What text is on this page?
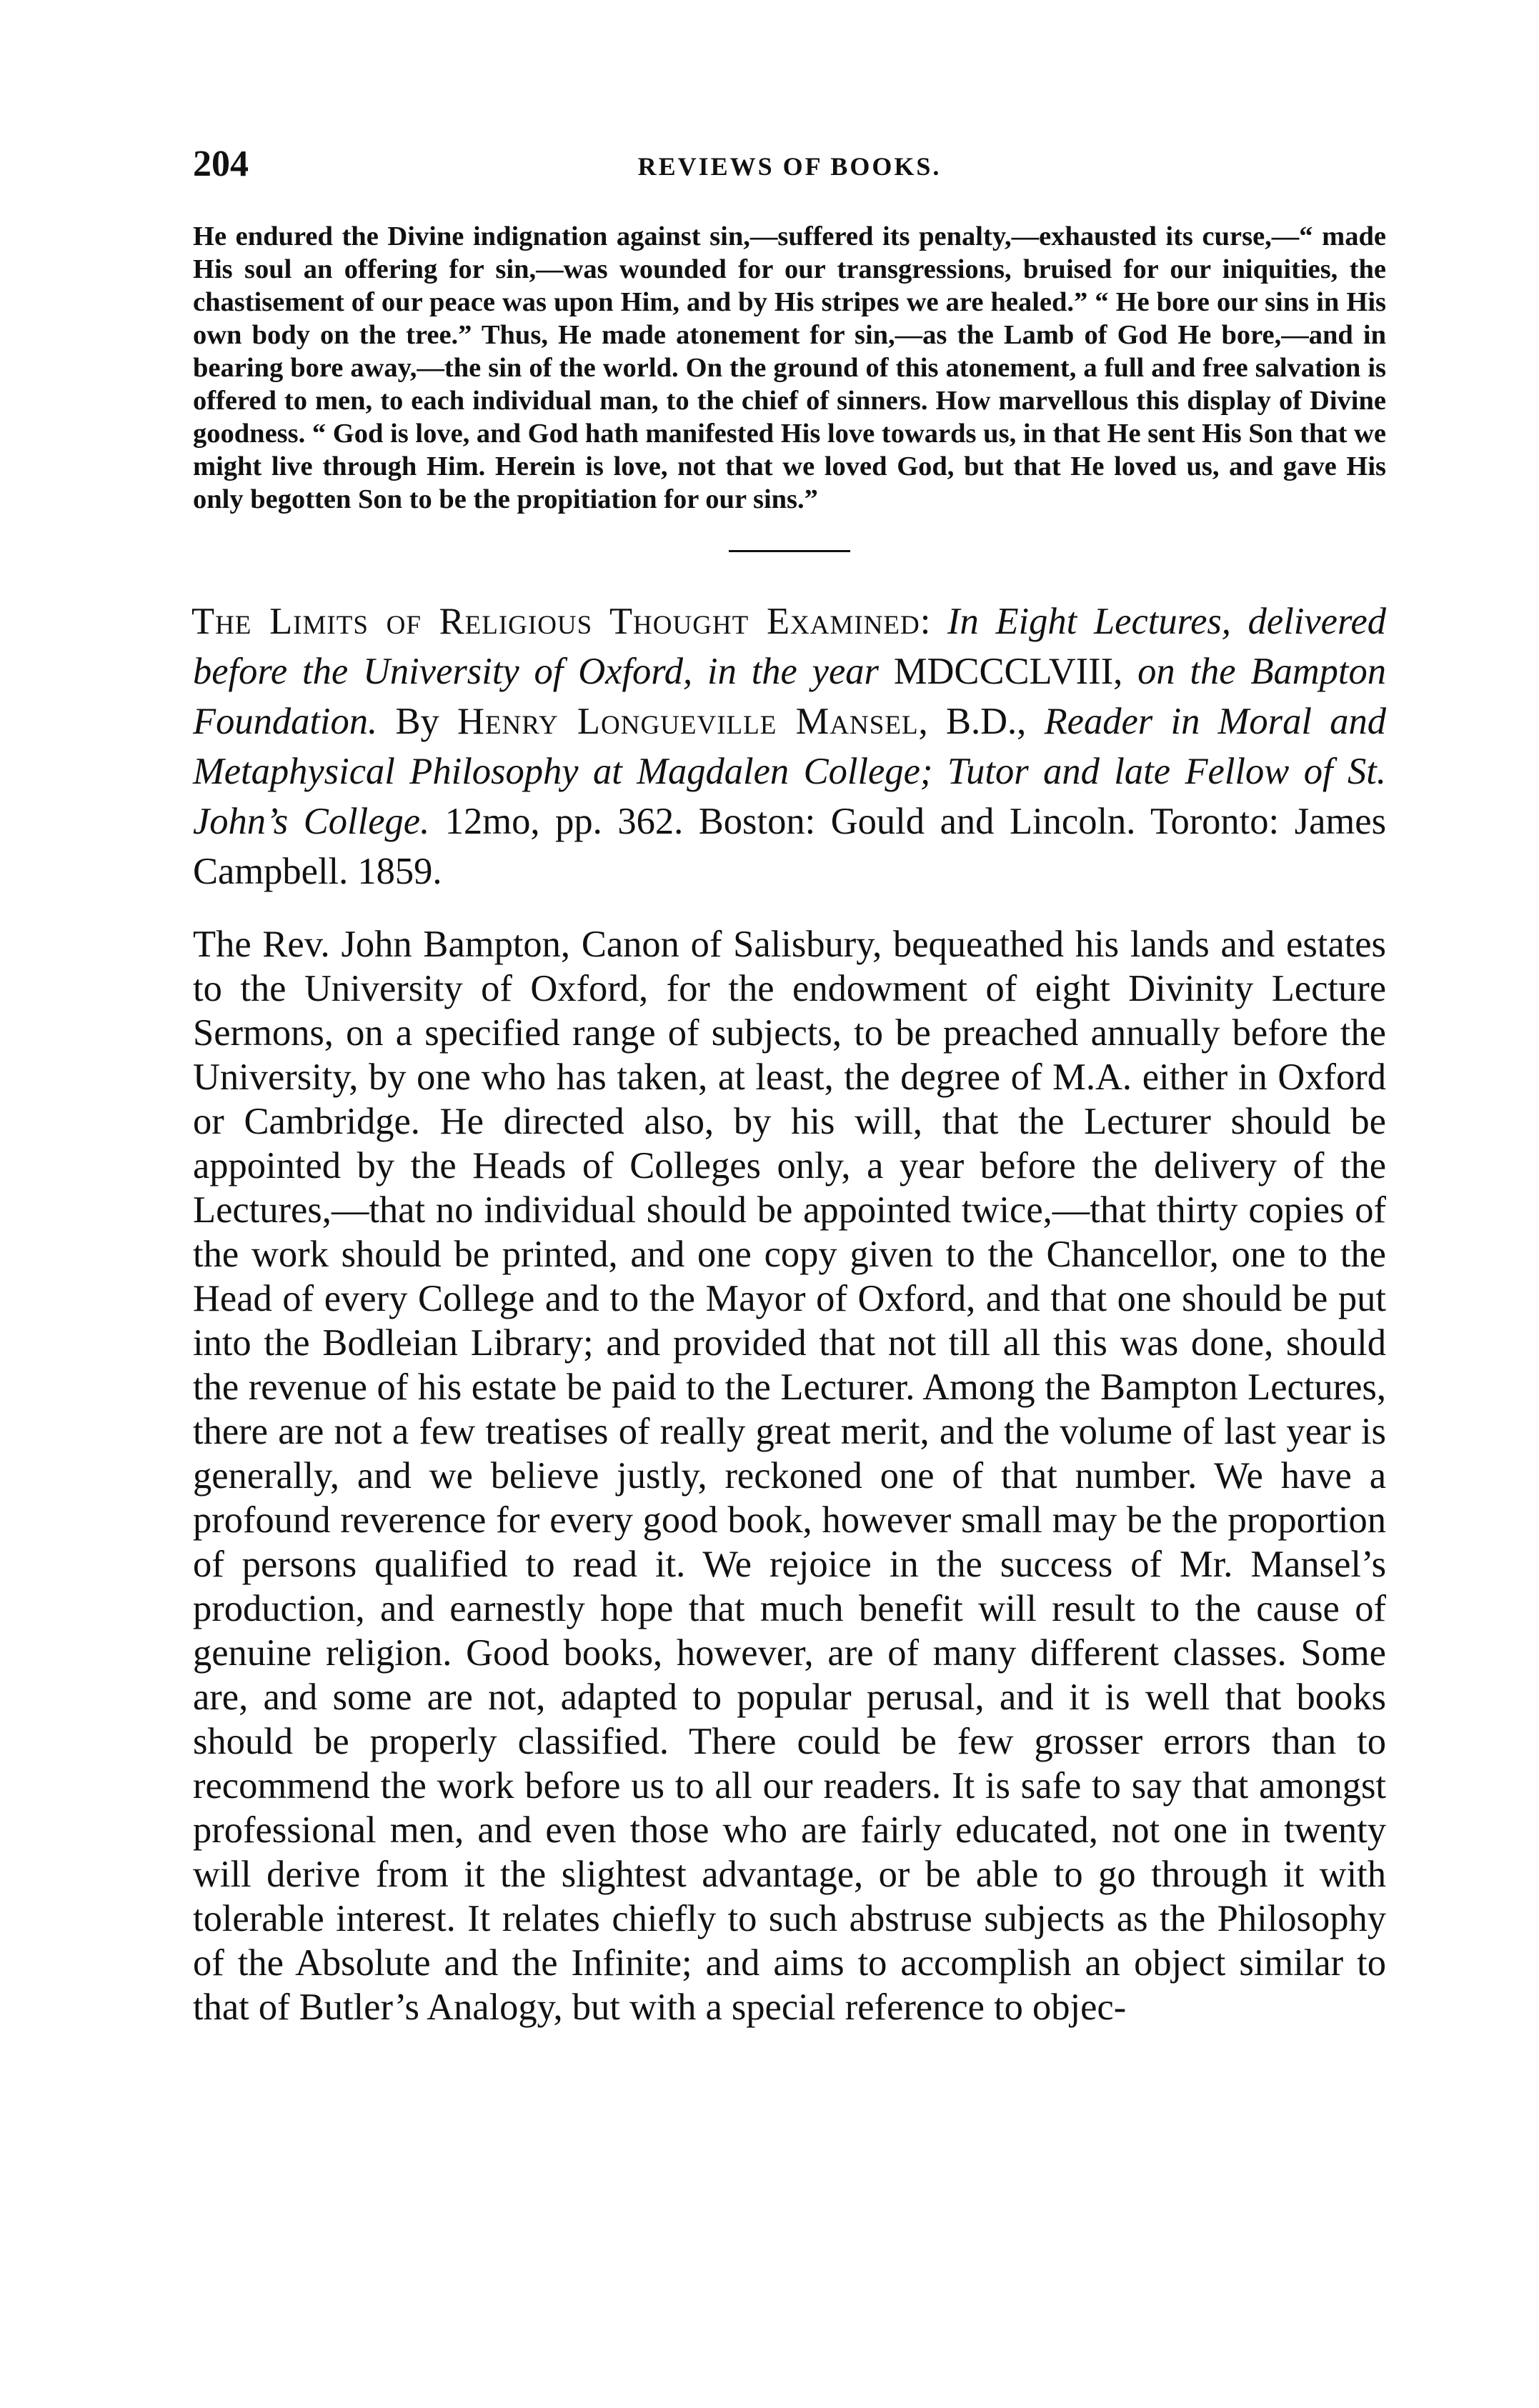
204	REVIEWS OF BOOKS.

He endured the Divine indignation against sin,—suffered its penalty,—exhausted its curse,—“ made His soul an offering for sin,—was wounded for our transgressions, bruised for our iniquities, the chastisement of our peace was upon Him, and by His stripes we are healed.” “ He bore our sins in His own body on the tree.” Thus, He made atonement for sin,—as the Lamb of God He bore,—and in bearing bore away,—the sin of the world. On the ground of this atonement, a full and free salvation is offered to men, to each individual man, to the chief of sinners. How marvellous this display of Divine goodness. “ God is love, and God hath manifested His love towards us, in that He sent His Son that we might live through Him. Herein is love, not that we loved God, but that He loved us, and gave His only begotten Son to be the propitiation for our sins.”

The Limits of Religious Thought Examined: In Eight Lectures, delivered before the University of Oxford, in the year MDCCCLVIII, on the Bampton Foundation. By Henry Longueville Mansel, B.D., Reader in Moral and Metaphysical Philosophy at Magdalen College; Tutor and late Fellow of St. John’s College. 12mo, pp. 362. Boston: Gould and Lincoln. Toronto: James Campbell. 1859.

The Rev. John Bampton, Canon of Salisbury, bequeathed his lands and estates to the University of Oxford, for the endowment of eight Divinity Lecture Sermons, on a specified range of subjects, to be preached annually before the University, by one who has taken, at least, the degree of M.A. either in Oxford or Cambridge. He directed also, by his will, that the Lecturer should be appointed by the Heads of Colleges only, a year before the delivery of the Lectures,—that no individual should be appointed twice,—that thirty copies of the work should be printed, and one copy given to the Chancellor, one to the Head of every College and to the Mayor of Oxford, and that one should be put into the Bodleian Library; and provided that not till all this was done, should the revenue of his estate be paid to the Lecturer. Among the Bampton Lectures, there are not a few treatises of really great merit, and the volume of last year is generally, and we believe justly, reckoned one of that number. We have a profound reverence for every good book, however small may be the proportion of persons qualified to read it. We rejoice in the success of Mr. Mansel’s production, and earnestly hope that much benefit will result to the cause of genuine religion. Good books, however, are of many different classes. Some are, and some are not, adapted to popular perusal, and it is well that books should be properly classified. There could be few grosser errors than to recommend the work before us to all our readers. It is safe to say that amongst professional men, and even those who are fairly educated, not one in twenty will derive from it the slightest advantage, or be able to go through it with tolerable interest. It relates chiefly to such abstruse subjects as the Philosophy of the Absolute and the Infinite; and aims to accomplish an object similar to that of Butler’s Analogy, but with a special reference to objec-
